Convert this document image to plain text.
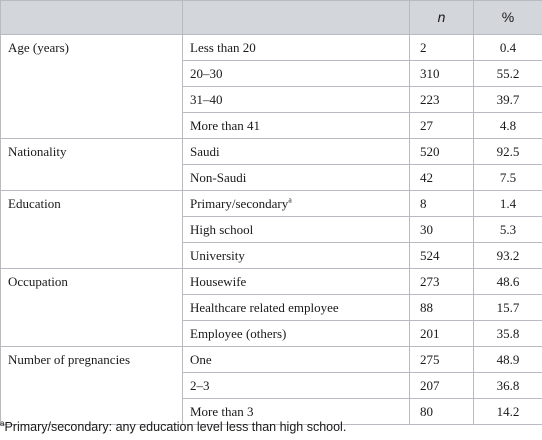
		n	%
Age (years)	Less than 20	2	0.4
	20–30	310	55.2
	31–40	223	39.7
	More than 41	27	4.8
Nationality	Saudi	520	92.5
	Non-Saudi	42	7.5
Education	Primary/secondary$^a$	8	1.4
	High school	30	5.3
	University	524	93.2
Occupation	Housewife	273	48.6
	Healthcare related employee	88	15.7
	Employee (others)	201	35.8
Number of pregnancies	One	275	48.9
	2–3	207	36.8
	More than 3	80	14.2
$^a$Primary/secondary: any education level less than high school.
